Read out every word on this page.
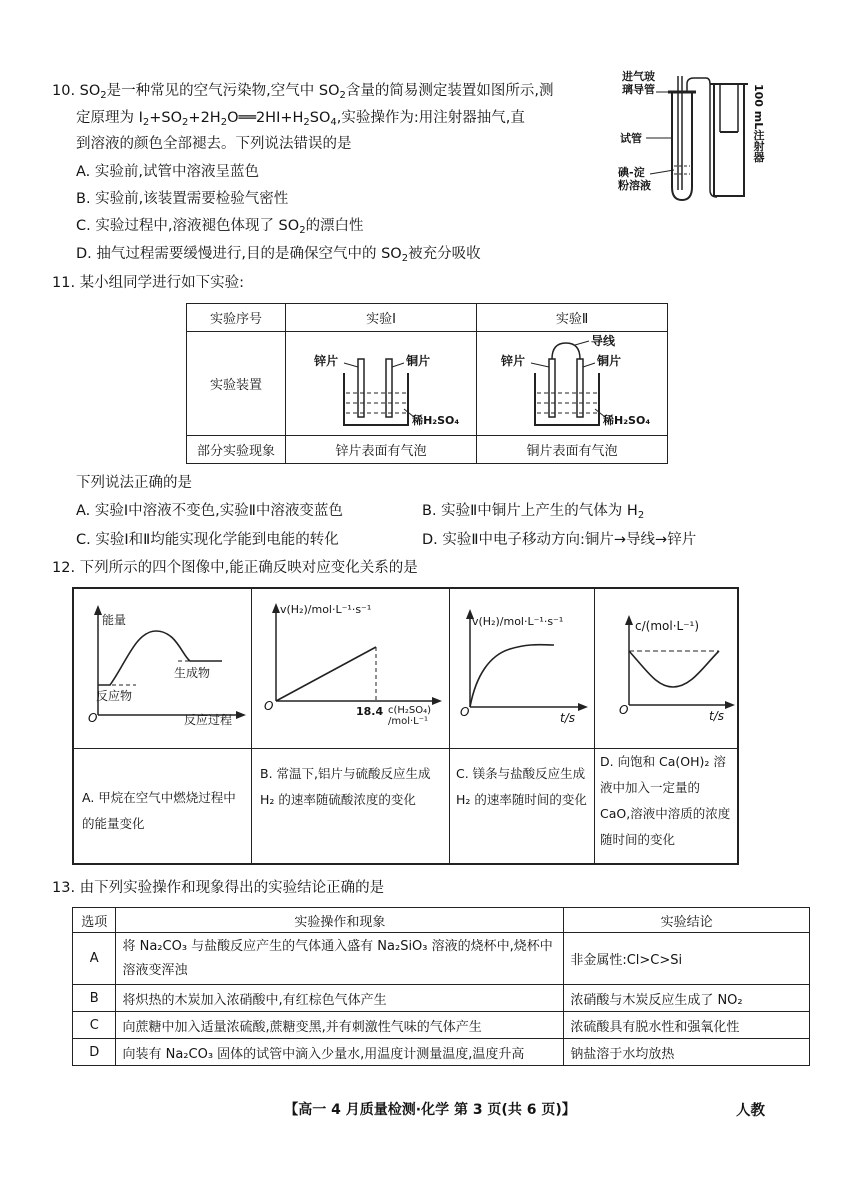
10. $SO_2$是一种常见的空气污染物,空气中 $SO_2$含量的简易测定装置如图所示,测
定原理为 $I_2+SO_2+2H_2O══2HI+H_2SO_4$,实验操作为:用注射器抽气,直
到溶液的颜色全部褪去。下列说法错误的是
A. 实验前,试管中溶液呈蓝色
B. 实验前,该装置需要检验气密性
C. 实验过程中,溶液褪色体现了 $SO_2$的漂白性
D. 抽气过程需要缓慢进行,目的是确保空气中的 $SO_2$被充分吸收
进气玻璃导管
试管
碘-淀粉溶液
100 mL注射器
11. 某小组同学进行如下实验:
实验序号	实验Ⅰ	实验Ⅱ
实验装置	锌片 铜片
稀H₂SO₄	锌片 铜片
导线
稀H₂SO₄

部分实验现象	锌片表面有气泡	铜片表面有气泡
下列说法正确的是
A. 实验Ⅰ中溶液不变色,实验Ⅱ中溶液变蓝色	B. 实验Ⅱ中铜片上产生的气体为 $H_2$
C. 实验Ⅰ和Ⅱ均能实现化学能到电能的转化	D. 实验Ⅱ中电子移动方向:铜片→导线→锌片
12. 下列所示的四个图像中,能正确反映对应变化关系的是
能量
O	反应过程
反应物
生成物
v(H₂)/mol·L⁻¹·s⁻¹
O	18.4 c(H₂SO₄)
/mol·L⁻¹
v(H₂)/mol·L⁻¹·s⁻¹
O	t/s
c/(mol·L⁻¹)
O	t/s
A. 甲烷在空气中燃烧过程中的能量变化
B. 常温下,铝片与硫酸反应生成 H₂ 的速率随硫酸浓度的变化
C. 镁条与盐酸反应生成 H₂ 的速率随时间的变化
D. 向饱和 Ca(OH)₂ 溶液中加入一定量的 CaO,溶液中溶质的浓度随时间的变化
13. 由下列实验操作和现象得出的实验结论正确的是
选项	实验操作和现象	实验结论
A	将 Na₂CO₃ 与盐酸反应产生的气体通入盛有 Na₂SiO₃ 溶液的烧杯中,烧杯中溶液变浑浊	非金属性:Cl>C>Si
B	将炽热的木炭加入浓硝酸中,有红棕色气体产生	浓硝酸与木炭反应生成了 NO₂
C	向蔗糖中加入适量浓硫酸,蔗糖变黑,并有刺激性气味的气体产生	浓硫酸具有脱水性和强氧化性
D	向装有 Na₂CO₃ 固体的试管中滴入少量水,用温度计测量温度,温度升高	钠盐溶于水均放热
【高一 4 月质量检测·化学 第 3 页(共 6 页)】	人教
